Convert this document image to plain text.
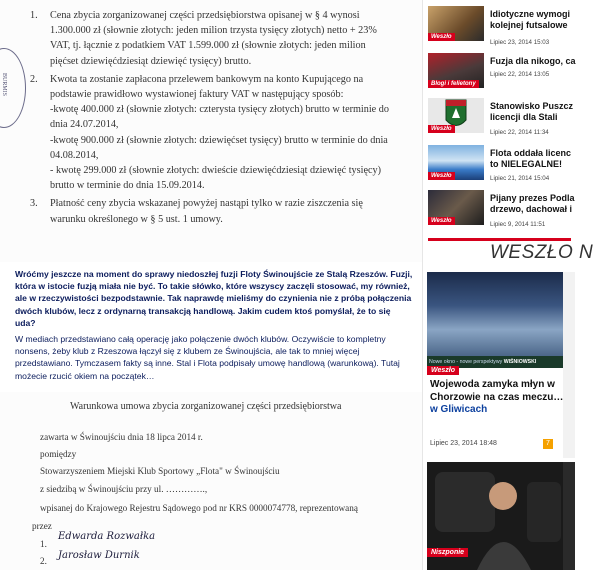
BURMIS
1. Cena zbycia zorganizowanej części przedsiębiorstwa opisanej w § 4 wynosi
1.300.000 zł (słownie złotych: jeden milion trzysta tysięcy złotych) netto + 23%
VAT, tj. łącznie z podatkiem VAT 1.599.000 zł (słownie złotych: jeden milion
pięćset dziewięćdziesiąt dziewięć tysięcy) brutto.
2. Kwota ta zostanie zapłacona przelewem bankowym na konto Kupującego na
podstawie prawidłowo wystawionej faktury VAT w następujący sposób:
-kwotę 400.000 zł (słownie złotych: czterysta tysięcy złotych) brutto w terminie do
dnia 24.07.2014,
-kwotę 900.000 zł (słownie złotych: dziewięćset tysięcy) brutto w terminie do dnia
04.08.2014,
- kwotę 299.000 zł (słownie złotych: dwieście dziewięćdziesiąt dziewięć tysięcy)
brutto w terminie do dnia 15.09.2014.
3. Płatność ceny zbycia wskazanej powyżej nastąpi tylko w razie ziszczenia się
warunku określonego w § 5 ust. 1 umowy.

Wróćmy jeszcze na moment do sprawy niedoszłej fuzji Floty Świnoujście ze Stalą Rzeszów. Fuzji, która w istocie fuzją miała nie być. To takie słówko, które wszyscy zaczęli stosować, my również, ale w rzeczywistości bezpodstawnie. Tak naprawdę mieliśmy do czynienia nie z próbą połączenia dwóch klubów, lecz z ordynarną transakcją handlową. Jakim cudem ktoś pomyślał, że to się uda?

W mediach przedstawiano całą operację jako połączenie dwóch klubów. Oczywiście to kompletny nonsens, żeby klub z Rzeszowa łączył się z klubem ze Świnoujścia, ale tak to mniej więcej przedstawiano. Tymczasem fakty są inne. Stal i Flota podpisały umowę handlową (warunkową). Tutaj możecie rzucić okiem na początek…

Warunkowa umowa zbycia zorganizowanej części przedsiębiorstwa
zawarta w Świnoujściu dnia 18 lipca 2014 r.
pomiędzy
Stowarzyszeniem Miejski Klub Sportowy „Flota" w Świnoujściu
z siedzibą w Świnoujściu przy ul. ………….,
wpisanej do Krajowego Rejestru Sądowego pod nr KRS 0000074778, reprezentowaną
przez
1.
Edwarda Rozwałka
2. Jarosław Durnik
Weszło
Idiotyczne wymogi
kolejnej futsalowe
Lipiec 23, 2014 15:03
Blogi i felietony
Fuzja dla nikogo, ca
Lipiec 22, 2014 13:05
Weszło
Stanowisko Puszcz
licencji dla Stali
Lipiec 22, 2014 11:34
Weszło
Flota oddała licenc
to NIELEGALNE!
Lipiec 21, 2014 15:04
Weszło
Pijany prezes Podla
drzewo, dachował i
Lipiec 9, 2014 11:51
WESZŁO N
Nowe okno - nowe perspektywy WIŚNIOWSKI
Weszło
Wojewoda zamyka młyn w
Chorzowie na czas meczu…
w Gliwicach
Lipiec 23, 2014 18:48	7
Niszponie
